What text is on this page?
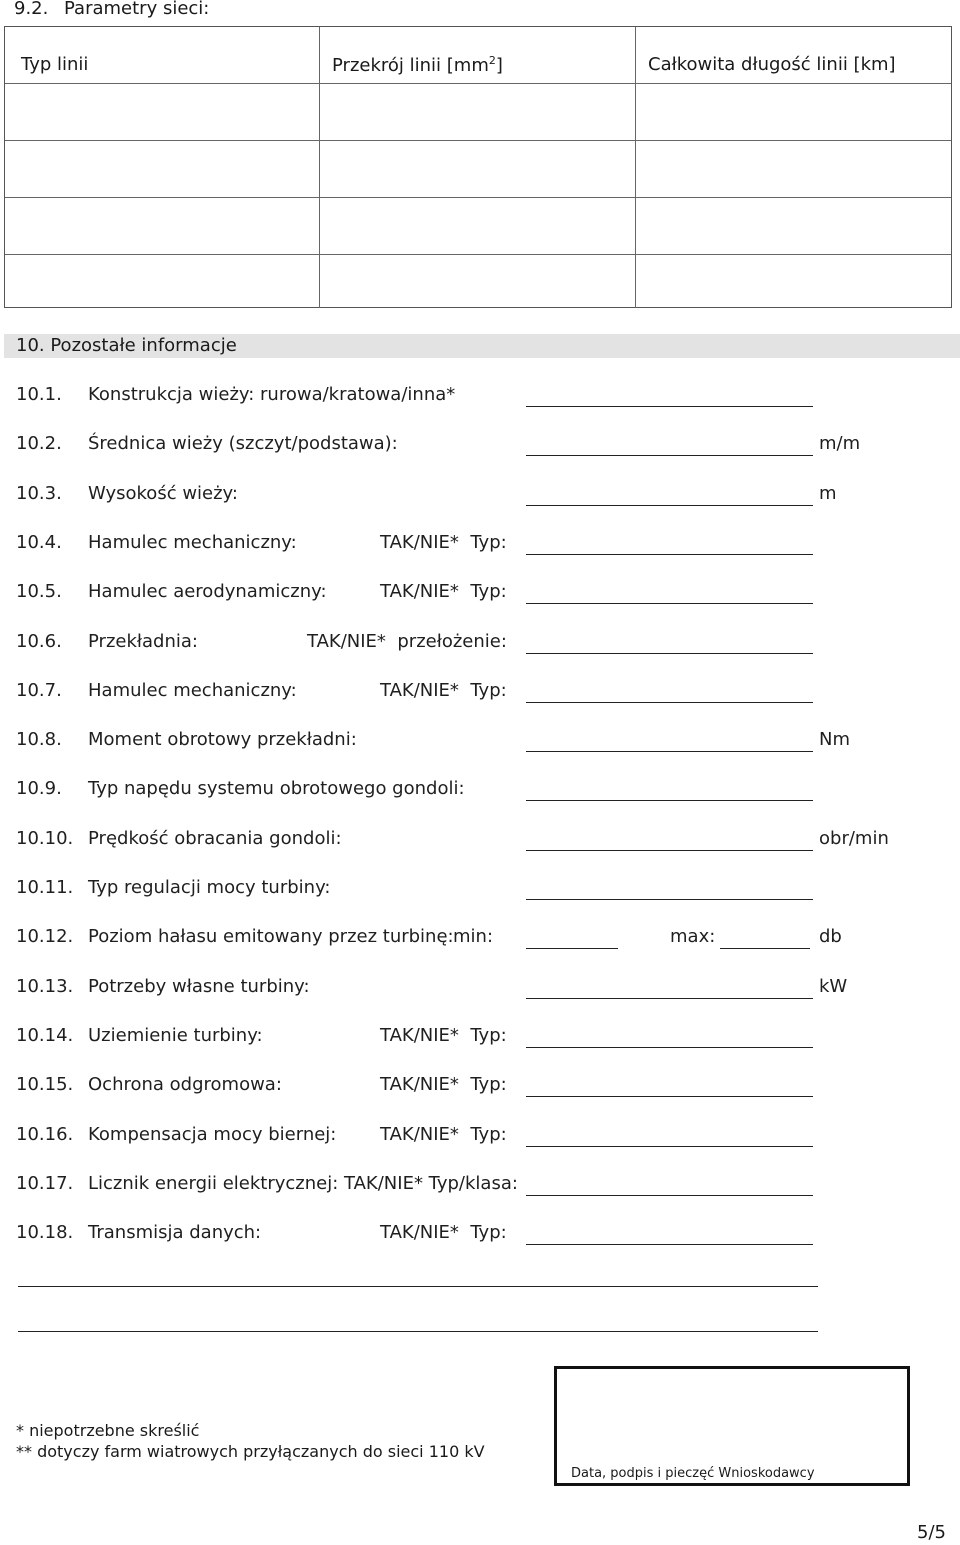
9.2. Parametry sieci:
Typ linii	Przekrój linii $[mm^2]$	Całkowita długość linii [km]
10. Pozostałe informacje
10.1. Konstrukcja wieży: rurowa/kratowa/inna*
10.2. Średnica wieży (szczyt/podstawa):	m/m
10.3. Wysokość wieży:	m
10.4. Hamulec mechaniczny:	TAK/NIE*  Typ:
10.5. Hamulec aerodynamiczny:	TAK/NIE*  Typ:
10.6. Przekładnia:	TAK/NIE*  przełożenie:
10.7. Hamulec mechaniczny:	TAK/NIE*  Typ:
10.8. Moment obrotowy przekładni:	Nm
10.9. Typ napędu systemu obrotowego gondoli:
10.10. Prędkość obracania gondoli:	obr/min
10.11. Typ regulacji mocy turbiny:
10.12. Poziom hałasu emitowany przez turbinę: min:	max:	db
10.13. Potrzeby własne turbiny:	kW
10.14. Uziemienie turbiny:	TAK/NIE*  Typ:
10.15. Ochrona odgromowa:	TAK/NIE*  Typ:
10.16. Kompensacja mocy biernej: TAK/NIE*  Typ:
10.17. Licznik energii elektrycznej: TAK/NIE* Typ/klasa:
10.18. Transmisja danych:	TAK/NIE*  Typ:
* niepotrzebne skreślić
** dotyczy farm wiatrowych przyłączanych do sieci 110 kV
Data, podpis i pieczęć Wnioskodawcy
5/5
